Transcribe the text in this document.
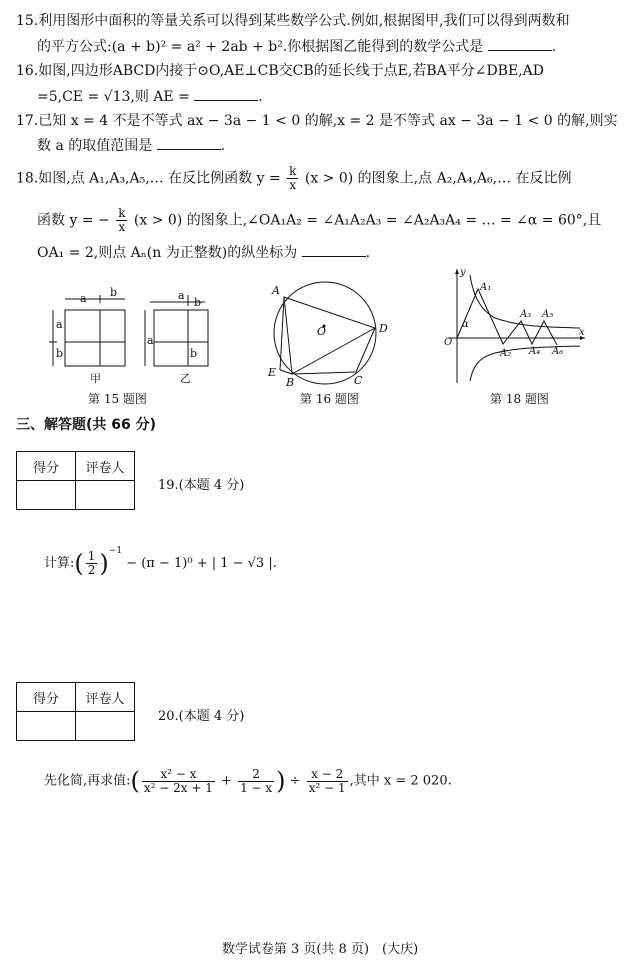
15.利用图形中面积的等量关系可以得到某些数学公式.例如,根据图甲,我们可以得到两数和
的平方公式:(a + b)² = a² + 2ab + b².你根据图乙能得到的数学公式是	.
16.如图,四边形ABCD内接于⊙O,AE⊥CB交CB的延长线于点E,若BA平分∠DBE,AD
=5,CE = √13,则 AE =	.
17.已知 x = 4 不是不等式 ax − 3a − 1 < 0 的解,x = 2 是不等式 ax − 3a − 1 < 0 的解,则实
数 a 的取值范围是	.
18.如图,点 A₁,A₃,A₅,… 在反比例函数 $y = \frac{k}{x} (x > 0)$ 的图象上,点 A₂,A₄,A₆,… 在反比例
函数 y = − $\frac{k}{x} (x > 0)$ 的图象上,∠OA₁A₂ = ∠A₁A₂A₃ = ∠A₂A₃A₄ = … = ∠α = 60°,且
OA₁ = 2,则点 Aₙ(n 为正整数)的纵坐标为	.
a b
a
b
a
b
a
b
甲	乙
第 15 题图
A
B	C
D
E
O
第 16 题图
y
x
O
α
A₁
A₂
A₃
A₄
A₅
A₆
第 18 题图
三、解答题(共 66 分)
得分	评卷人

19.(本题 4 分)
计算:( $\frac{1}{2} )^{-1} - (\pi - 1)^0$ + | 1 − √3 |.
得分	评卷人

20.(本题 4 分)
先化简,再求值:( $\frac{\text{x² − x}}{\text{x² − 2x + 1}} + \frac{2}{1 - x}$ ) ÷ $\frac{x - 2}{\text{x² − 1}}$ ,其中 x = 2 020.
数学试卷第 3 页(共 8 页)　(大庆)
